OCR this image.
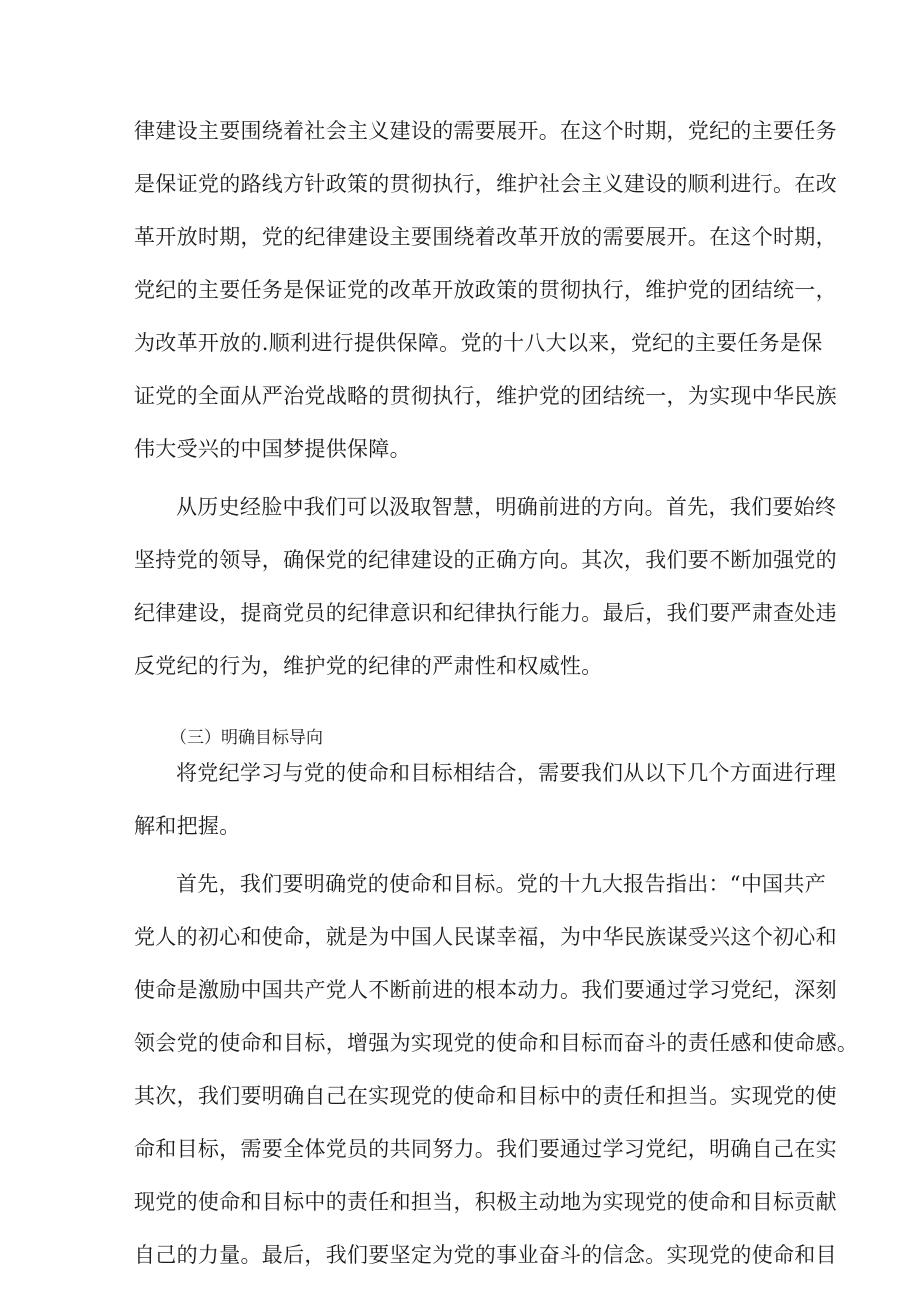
律建设主要围绕着社会主义建设的需要展开。在这个时期，党纪的主要任务

是保证党的路线方针政策的贯彻执行，维护社会主义建设的顺利进行。在改

革开放时期，党的纪律建设主要围绕着改革开放的需要展开。在这个时期，

党纪的主要任务是保证党的改革开放政策的贯彻执行，维护党的团结统一，

为改革开放的.顺利进行提供保障。党的十八大以来，党纪的主要任务是保

证党的全面从严治党战略的贯彻执行，维护党的团结统一，为实现中华民族

伟大受兴的中国梦提供保障。

从历史经脸中我们可以汲取智慧，明确前进的方向。首先，我们要始终

坚持党的领导，确保党的纪律建设的正确方向。其次，我们要不断加强党的

纪律建设，提商党员的纪律意识和纪律执行能力。最后，我们要严肃查处违

反党纪的行为，维护党的纪律的严肃性和权威性。

（三）明确目标导向

将党纪学习与党的使命和目标相结合，需要我们从以下几个方面进行理

解和把握。

首先，我们要明确党的使命和目标。党的十九大报告指出：“中国共产

党人的初心和使命，就是为中国人民谋幸福，为中华民族谋受兴这个初心和

使命是激励中国共产党人不断前进的根本动力。我们要通过学习党纪，深刻

领会党的使命和目标，增强为实现党的使命和目标而奋斗的责任感和使命感。

其次，我们要明确自己在实现党的使命和目标中的责任和担当。实现党的使

命和目标，需要全体党员的共同努力。我们要通过学习党纪，明确自己在实

现党的使命和目标中的责任和担当，积极主动地为实现党的使命和目标贡献

自己的力量。最后，我们要坚定为党的事业奋斗的信念。实现党的使命和目
